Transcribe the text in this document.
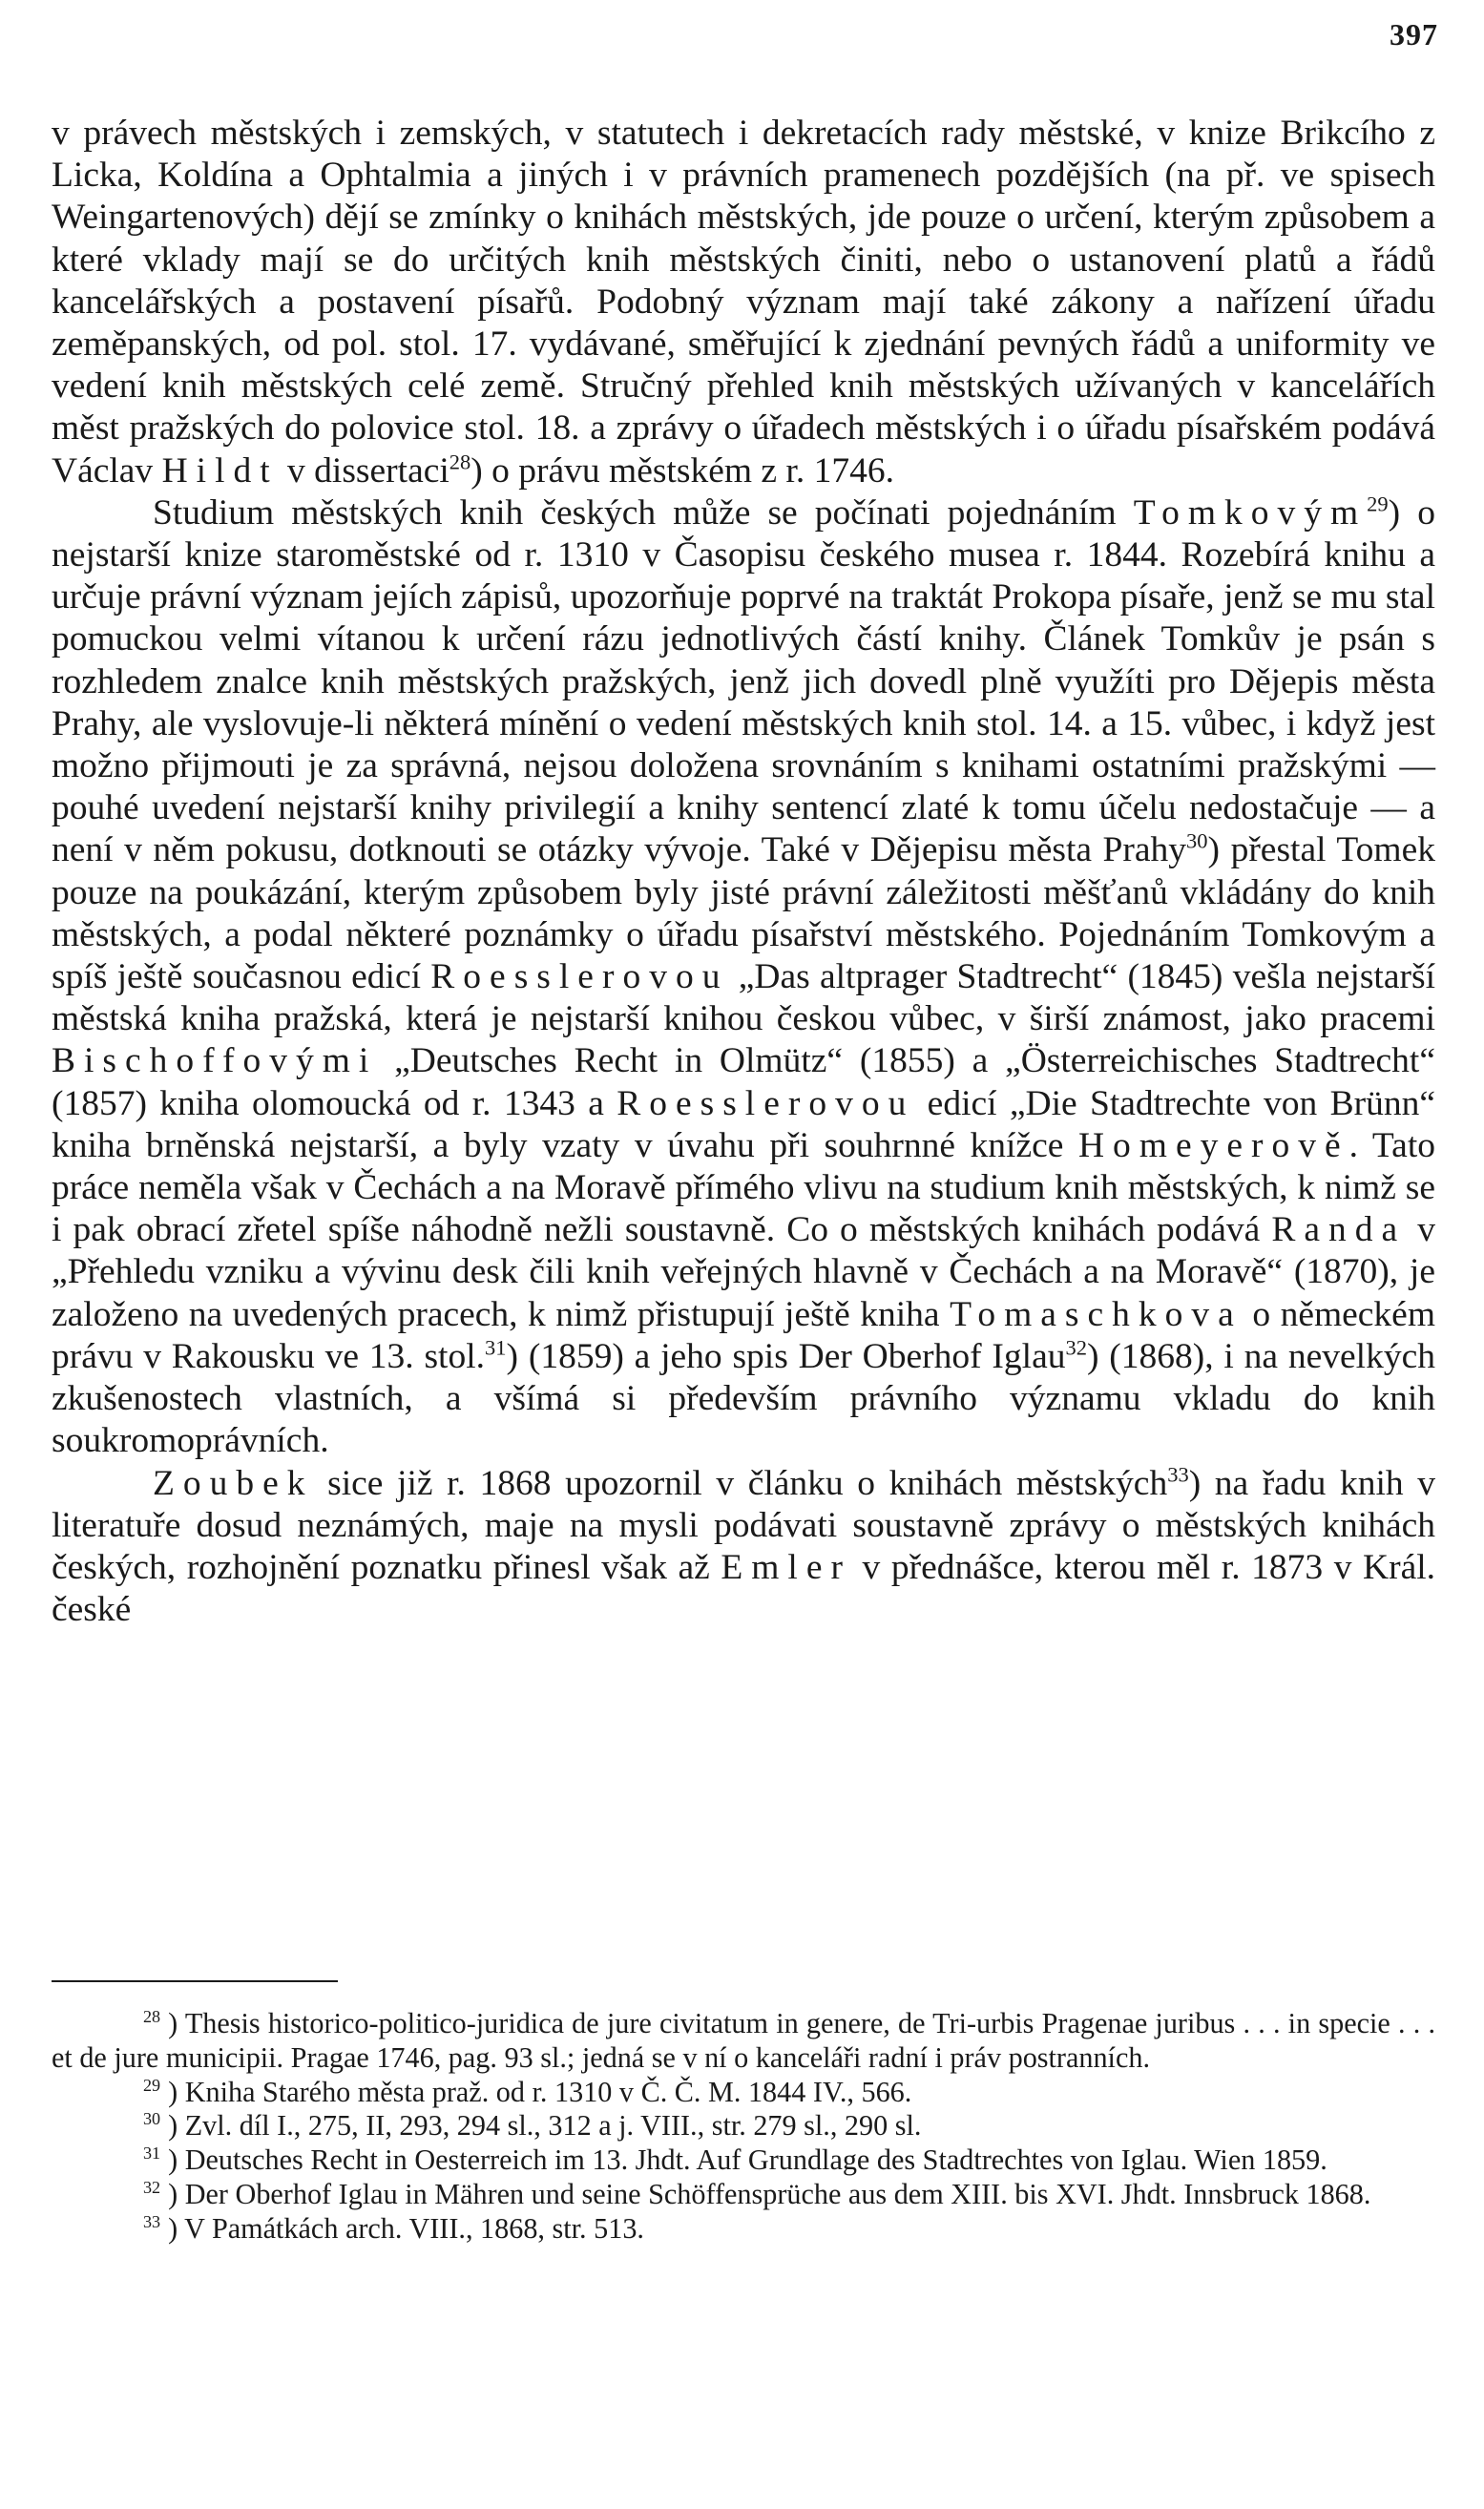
397

v právech městských i zemských, v statutech i dekretacích rady městské, v knize Brikcího z Licka, Koldína a Ophtalmia a jiných i v právních pramenech pozdějších (na př. ve spisech Weingartenových) dějí se zmínky o knihách městských, jde pouze o určení, kterým způsobem a které vklady mají se do určitých knih městských činiti, nebo o ustanovení platů a řádů kancelářských a postavení písařů. Podobný význam mají také zákony a nařízení úřadu zeměpanských, od pol. stol. 17. vydávané, směřující k zjednání pevných řádů a uniformity ve vedení knih městských celé země. Stručný přehled knih městských užívaných v kancelářích měst pražských do polovice stol. 18. a zprávy o úřadech městských i o úřadu písařském podává Václav Hildt v dissertaci$^{28}$) o právu městském z r. 1746.

Studium městských knih českých může se počínati pojednáním Tomkovým$^{29}$) o nejstarší knize staroměstské od r. 1310 v Časopisu českého musea r. 1844. Rozebírá knihu a určuje právní význam jejích zápisů, upozorňuje poprvé na traktát Prokopa písaře, jenž se mu stal pomuckou velmi vítanou k určení rázu jednotlivých částí knihy. Článek Tomkův je psán s rozhledem znalce knih městských pražských, jenž jich dovedl plně využíti pro Dějepis města Prahy, ale vyslovuje-li některá mínění o vedení městských knih stol. 14. a 15. vůbec, i když jest možno přijmouti je za správná, nejsou doložena srovnáním s knihami ostatními pražskými — pouhé uvedení nejstarší knihy privilegií a knihy sentencí zlaté k tomu účelu nedostačuje — a není v něm pokusu, dotknouti se otázky vývoje. Také v Dějepisu města Prahy$^{30}$) přestal Tomek pouze na poukázání, kterým způsobem byly jisté právní záležitosti měšťanů vkládány do knih městských, a podal některé poznámky o úřadu písařství městského. Pojednáním Tomkovým a spíš ještě současnou edicí Roesslerovou „Das altprager Stadtrecht“ (1845) vešla nejstarší městská kniha pražská, která je nejstarší knihou českou vůbec, v širší známost, jako pracemi Bischoffovými „Deutsches Recht in Olmütz“ (1855) a „Österreichisches Stadtrecht“ (1857) kniha olomoucká od r. 1343 a Roesslerovou edicí „Die Stadtrechte von Brünn“ kniha brněnská nejstarší, a byly vzaty v úvahu při souhrnné knížce Homeyerově. Tato práce neměla však v Čechách a na Moravě přímého vlivu na studium knih městských, k nimž se i pak obrací zřetel spíše náhodně nežli soustavně. Co o městských knihách podává Randa v „Přehledu vzniku a vývinu desk čili knih veřejných hlavně v Čechách a na Moravě“ (1870), je založeno na uvedených pracech, k nimž přistupují ještě kniha Tomaschkova o německém právu v Rakousku ve 13. stol.$^{31}$) (1859) a jeho spis Der Oberhof Iglau$^{32}$) (1868), i na nevelkých zkušenostech vlastních, a všímá si především právního významu vkladu do knih soukromoprávních.

Zoubek sice již r. 1868 upozornil v článku o knihách městských$^{33}$) na řadu knih v literatuře dosud neznámých, maje na mysli podávati soustavně zprávy o městských knihách českých, rozhojnění poznatku přinesl však až Emler v přednášce, kterou měl r. 1873 v Král. české

$^{28}$ ) Thesis historico-politico-juridica de jure civitatum in genere, de Tri-urbis Pragenae juribus . . . in specie . . . et de jure municipii. Pragae 1746, pag. 93 sl.; jedná se v ní o kanceláři radní i práv postranních.

$^{29}$ ) Kniha Starého města praž. od r. 1310 v Č. Č. M. 1844 IV., 566.

$^{30}$ ) Zvl. díl I., 275, II, 293, 294 sl., 312 a j. VIII., str. 279 sl., 290 sl.

$^{31}$ ) Deutsches Recht in Oesterreich im 13. Jhdt. Auf Grundlage des Stadtrechtes von Iglau. Wien 1859.

$^{32}$ ) Der Oberhof Iglau in Mähren und seine Schöffensprüche aus dem XIII. bis XVI. Jhdt. Innsbruck 1868.

$^{33}$ ) V Památkách arch. VIII., 1868, str. 513.
